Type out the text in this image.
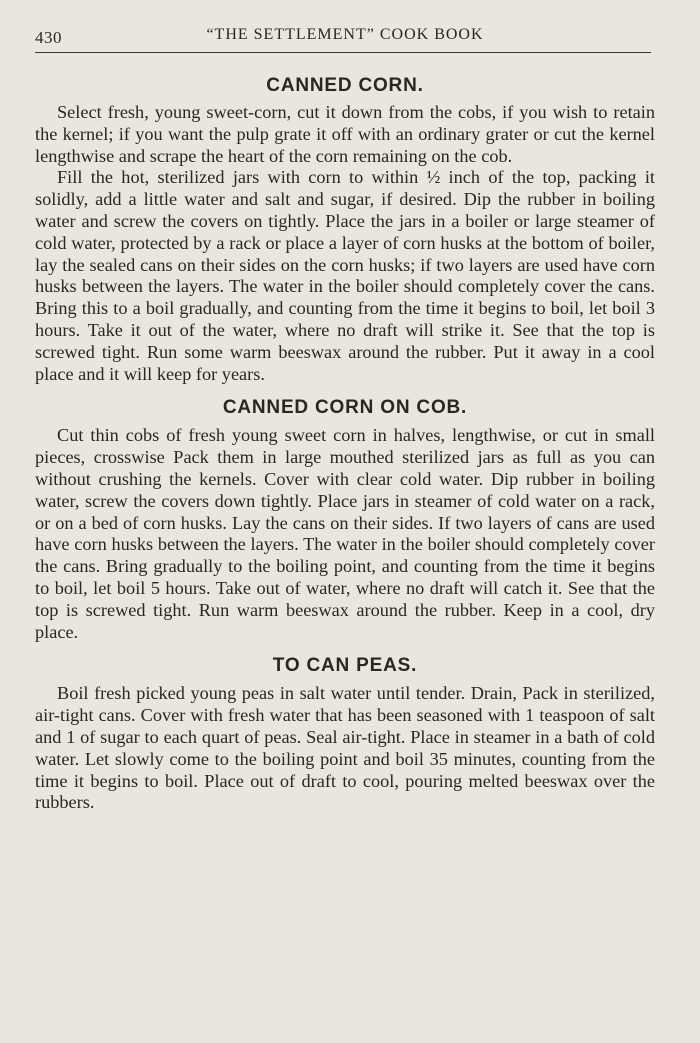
430	“THE SETTLEMENT” COOK BOOK
CANNED CORN.

Select fresh, young sweet-corn, cut it down from the cobs, if you wish to retain the kernel; if you want the pulp grate it off with an ordinary grater or cut the kernel lengthwise and scrape the heart of the corn remaining on the cob.

Fill the hot, sterilized jars with corn to within ½ inch of the top, packing it solidly, add a little water and salt and sugar, if desired. Dip the rubber in boiling water and screw the covers on tightly. Place the jars in a boiler or large steamer of cold water, protected by a rack or place a layer of corn husks at the bottom of boiler, lay the sealed cans on their sides on the corn husks; if two layers are used have corn husks between the layers. The water in the boiler should completely cover the cans. Bring this to a boil gradually, and counting from the time it begins to boil, let boil 3 hours. Take it out of the water, where no draft will strike it. See that the top is screwed tight. Run some warm beeswax around the rubber. Put it away in a cool place and it will keep for years.

CANNED CORN ON COB.

Cut thin cobs of fresh young sweet corn in halves, lengthwise, or cut in small pieces, crosswise Pack them in large mouthed sterilized jars as full as you can without crushing the kernels. Cover with clear cold water. Dip rubber in boiling water, screw the covers down tightly. Place jars in steamer of cold water on a rack, or on a bed of corn husks. Lay the cans on their sides. If two layers of cans are used have corn husks between the layers. The water in the boiler should completely cover the cans. Bring gradually to the boiling point, and counting from the time it begins to boil, let boil 5 hours. Take out of water, where no draft will catch it. See that the top is screwed tight. Run warm beeswax around the rubber. Keep in a cool, dry place.

TO CAN PEAS.

Boil fresh picked young peas in salt water until tender. Drain, Pack in sterilized, air-tight cans. Cover with fresh water that has been seasoned with 1 teaspoon of salt and 1 of sugar to each quart of peas. Seal air-tight. Place in steamer in a bath of cold water. Let slowly come to the boiling point and boil 35 minutes, counting from the time it begins to boil. Place out of draft to cool, pouring melted beeswax over the rubbers.
